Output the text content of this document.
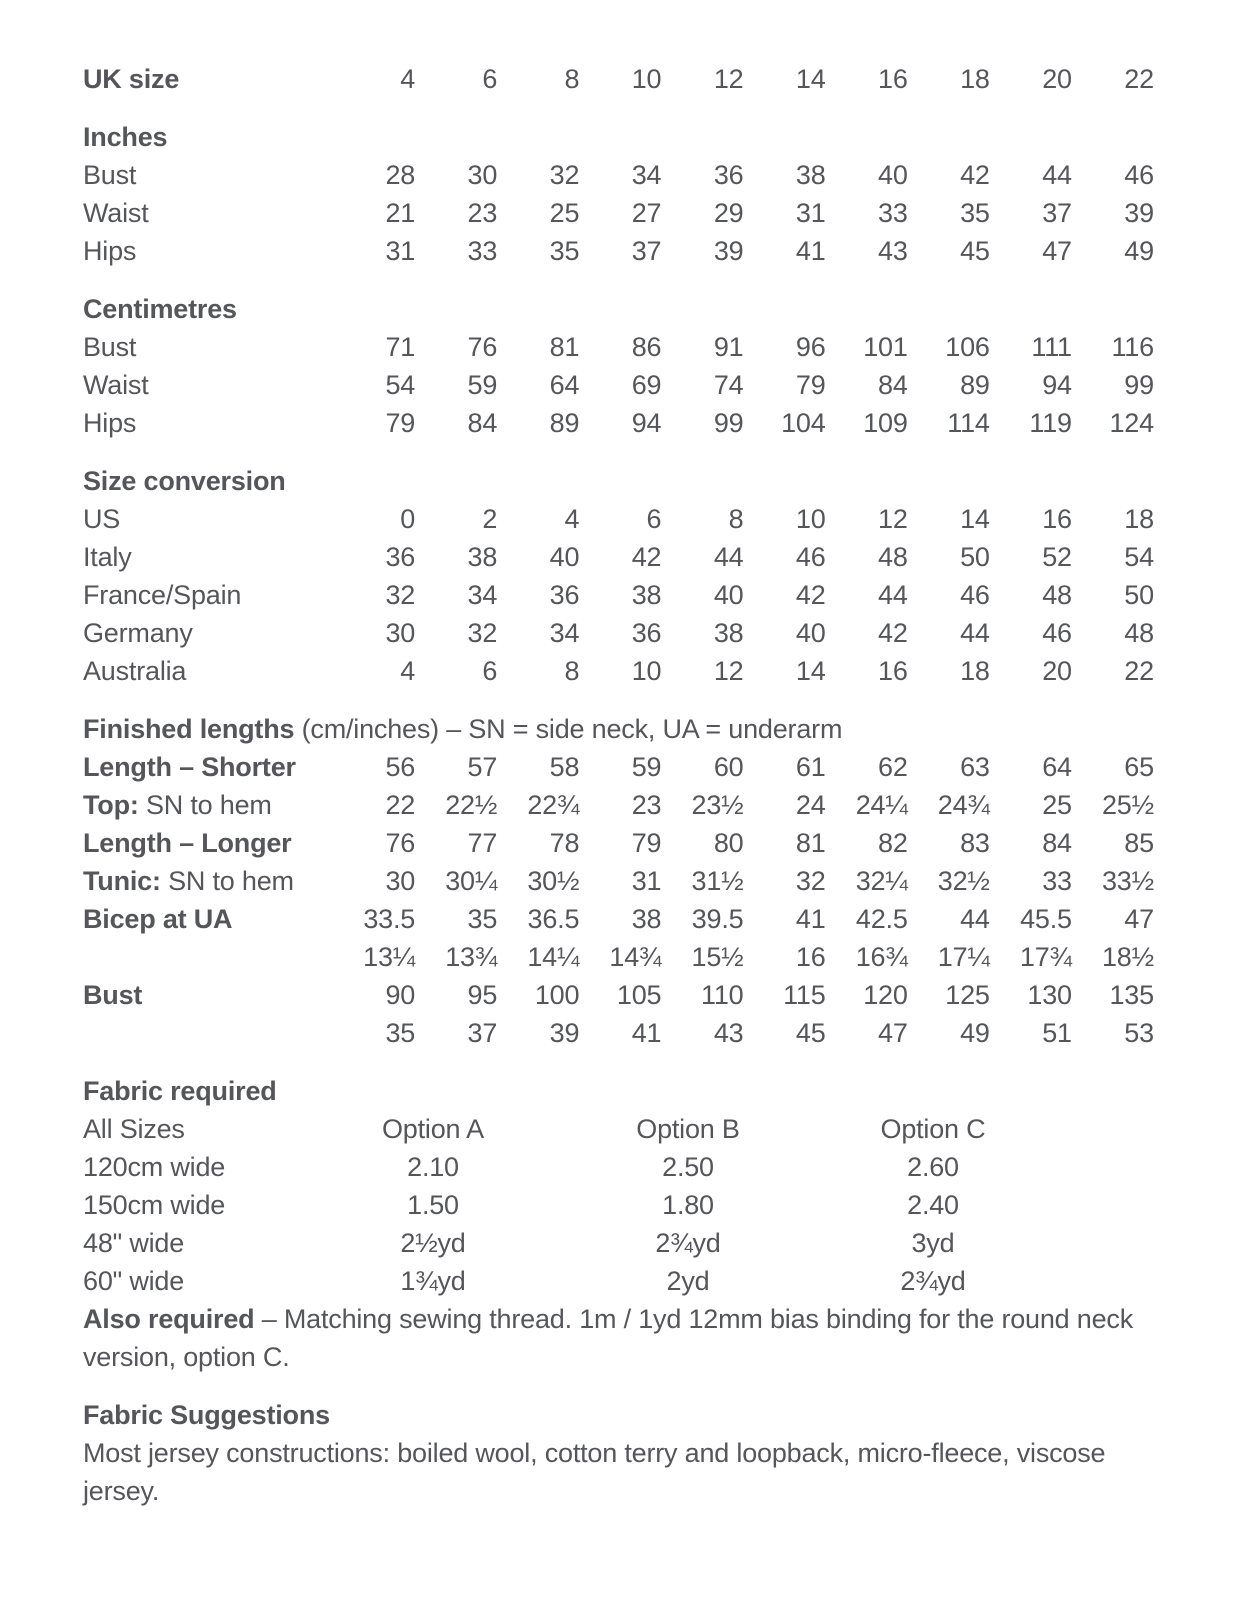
UK size	4	6	8	10	12	14	16	18	20	22
Inches
Bust	28	30	32	34	36	38	40	42	44	46
Waist	21	23	25	27	29	31	33	35	37	39
Hips	31	33	35	37	39	41	43	45	47	49
Centimetres
Bust	71	76	81	86	91	96	101	106	111	116
Waist	54	59	64	69	74	79	84	89	94	99
Hips	79	84	89	94	99	104	109	114	119	124
Size conversion
US	0	2	4	6	8	10	12	14	16	18
Italy	36	38	40	42	44	46	48	50	52	54
France/Spain	32	34	36	38	40	42	44	46	48	50
Germany	30	32	34	36	38	40	42	44	46	48
Australia	4	6	8	10	12	14	16	18	20	22
Finished lengths (cm/inches) – SN = side neck, UA = underarm
Length – Shorter	56	57	58	59	60	61	62	63	64	65
Top: SN to hem	22	22½	22¾	23	23½	24	24¼	24¾	25	25½
Length – Longer	76	77	78	79	80	81	82	83	84	85
Tunic: SN to hem	30	30¼	30½	31	31½	32	32¼	32½	33	33½
Bicep at UA	33.5	35	36.5	38	39.5	41	42.5	44	45.5	47
13¼	13¾	14¼	14¾	15½	16	16¾	17¼	17¾	18½
Bust	90	95	100	105	110	115	120	125	130	135
35	37	39	41	43	45	47	49	51	53
Fabric required
All Sizes	Option A	Option B	Option C
120cm wide	2.10	2.50	2.60
150cm wide	1.50	1.80	2.40
48" wide	2½yd	2¾yd	3yd
60" wide	1¾yd	2yd	2¾yd

Also required – Matching sewing thread. 1m / 1yd 12mm bias binding for the round neck version, option C.

Fabric Suggestions

Most jersey constructions: boiled wool, cotton terry and loopback, micro-fleece, viscose jersey.
